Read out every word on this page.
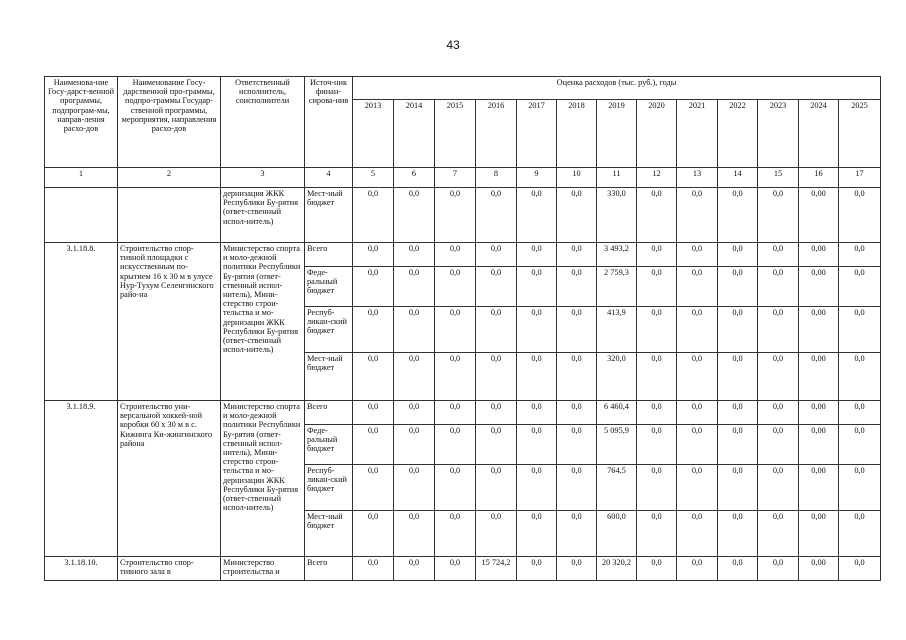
43
Наименова-ние Госу-дарст-венной программы, подпрограм-мы, направ-ления расхо-дов	Наименование Госу-дарственной про-граммы, подпро-граммы Государ-ственной программы, мероприятия, направления расхо-дов	Ответственный исполнитель, соисполнители	Источ-ник финан-сирова-ния	Оценка расходов (тыс. руб.), годы												
				2013	2014	2015	2016	2017	2018	2019	2020	2021	2022	2023	2024	2025
1	2	3	4	5	6	7	8	9	10	11	12	13	14	15	16	17
		дернизация ЖКК Республики Бу-рятия (ответ-ственный испол-нитель)	Мест-ный бюджет	0,0	0,0	0,0	0,0	0,0	0,0	330,0	0,0	0,0	0,0	0,0	0,00	0,0
3.1.18.8.	Строительство спор-тивной площадки с искусственным по-крытием 16 х 30 м в улусе Нур-Тухум Селенгинского райо-на	Министерство спорта и моло-дежной политики Республики Бу-рятия (ответ-ственный испол-нитель), Мини-стерство строи-тельства и мо-дернизации ЖКК Республики Бу-рятия (ответ-ственный испол-нитель)	Всего	0,0	0,0	0,0	0,0	0,0	0,0	3 493,2	0,0	0,0	0,0	0,0	0,00	0,0
			Феде-ральный бюджет	0,0	0,0	0,0	0,0	0,0	0,0	2 759,3	0,0	0,0	0,0	0,0	0,00	0,0
			Респуб-ликан-ский бюджет	0,0	0,0	0,0	0,0	0,0	0,0	413,9	0,0	0,0	0,0	0,0	0,00	0,0
			Мест-ный бюджет	0,0	0,0	0,0	0,0	0,0	0,0	320,0	0,0	0,0	0,0	0,0	0,00	0,0
3.1.18.9.	Строительство уни-версальной хоккей-ной коробки 60 х 30 м в с. Кижинга Ки-жингинского района	Министерство спорта и моло-дежной политики Республики Бу-рятия (ответ-ственный испол-нитель), Мини-стерство строи-тельства и мо-дернизации ЖКК Республики Бу-рятия (ответ-ственный испол-нитель)	Всего	0,0	0,0	0,0	0,0	0,0	0,0	6 460,4	0,0	0,0	0,0	0,0	0,00	0,0
			Феде-ральный бюджет	0,0	0,0	0,0	0,0	0,0	0,0	5 095,9	0,0	0,0	0,0	0,0	0,00	0,0
			Респуб-ликан-ский бюджет	0,0	0,0	0,0	0,0	0,0	0,0	764,5	0,0	0,0	0,0	0,0	0,00	0,0
			Мест-ный бюджет	0,0	0,0	0,0	0,0	0,0	0,0	600,0	0,0	0,0	0,0	0,0	0,00	0,0
3.1.18.10.	Строительство спор-тивного зала в	Министерство строительства и	Всего	0,0	0,0	0,0	15 724,2	0,0	0,0	20 320,2	0,0	0,0	0,0	0,0	0,00	0,0
